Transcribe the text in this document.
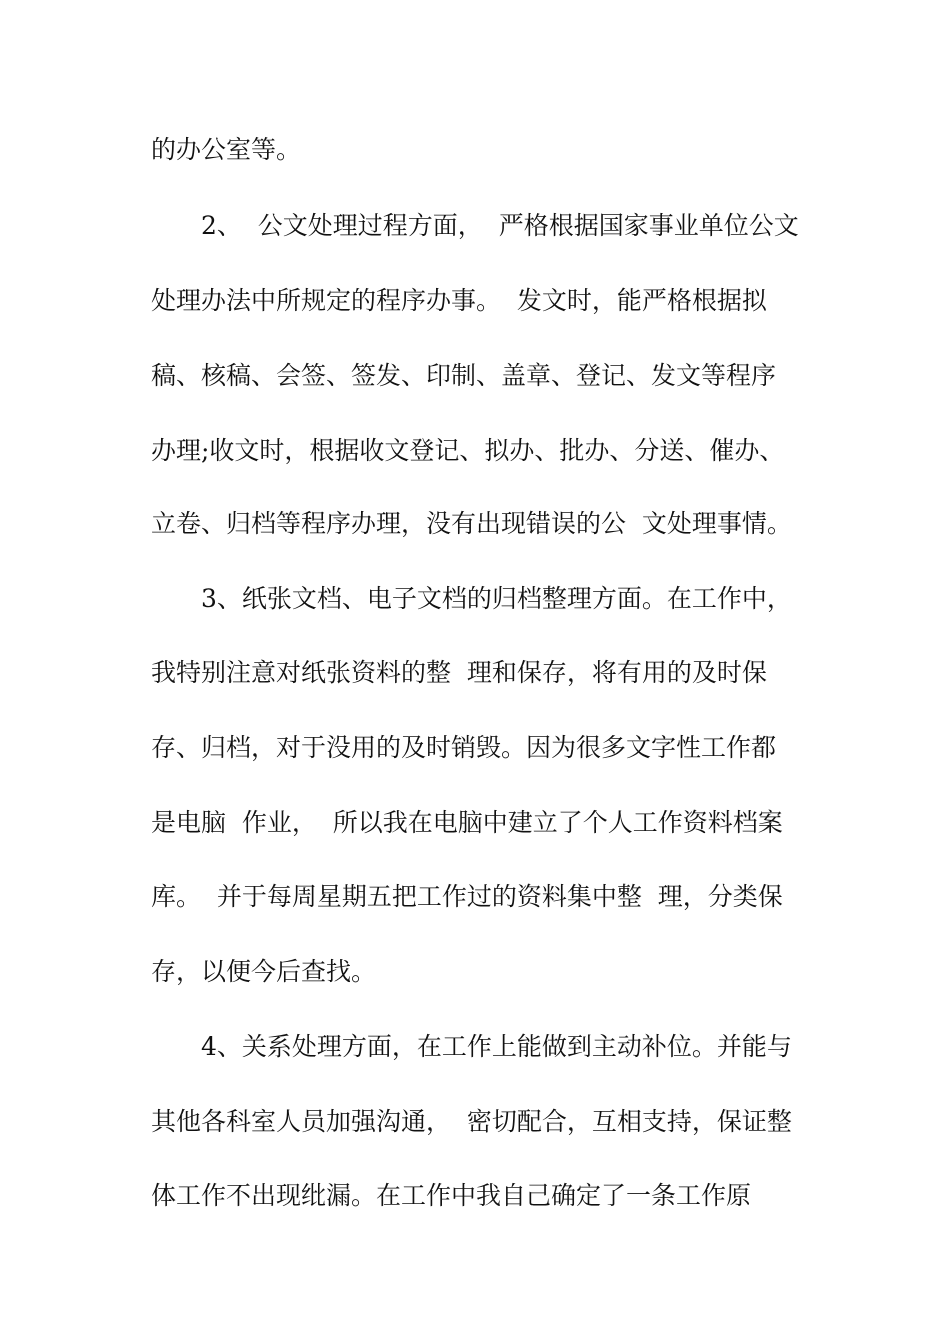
的办公室等。

2、  公文处理过程方面，  严格根据国家事业单位公文

处理办法中所规定的程序办事。  发文时，能严格根据拟

稿、核稿、会签、签发、印制、盖章、登记、发文等程序

办理;收文时，根据收文登记、拟办、批办、分送、催办、

立卷、归档等程序办理，没有出现错误的公  文处理事情。

3、纸张文档、电子文档的归档整理方面。在工作中，

我特别注意对纸张资料的整  理和保存，将有用的及时保

存、归档，对于没用的及时销毁。因为很多文字性工作都

是电脑  作业，  所以我在电脑中建立了个人工作资料档案

库。  并于每周星期五把工作过的资料集中整  理，分类保

存，以便今后查找。

4、关系处理方面，在工作上能做到主动补位。并能与

其他各科室人员加强沟通，  密切配合，互相支持，保证整

体工作不出现纰漏。在工作中我自己确定了一条工作原
